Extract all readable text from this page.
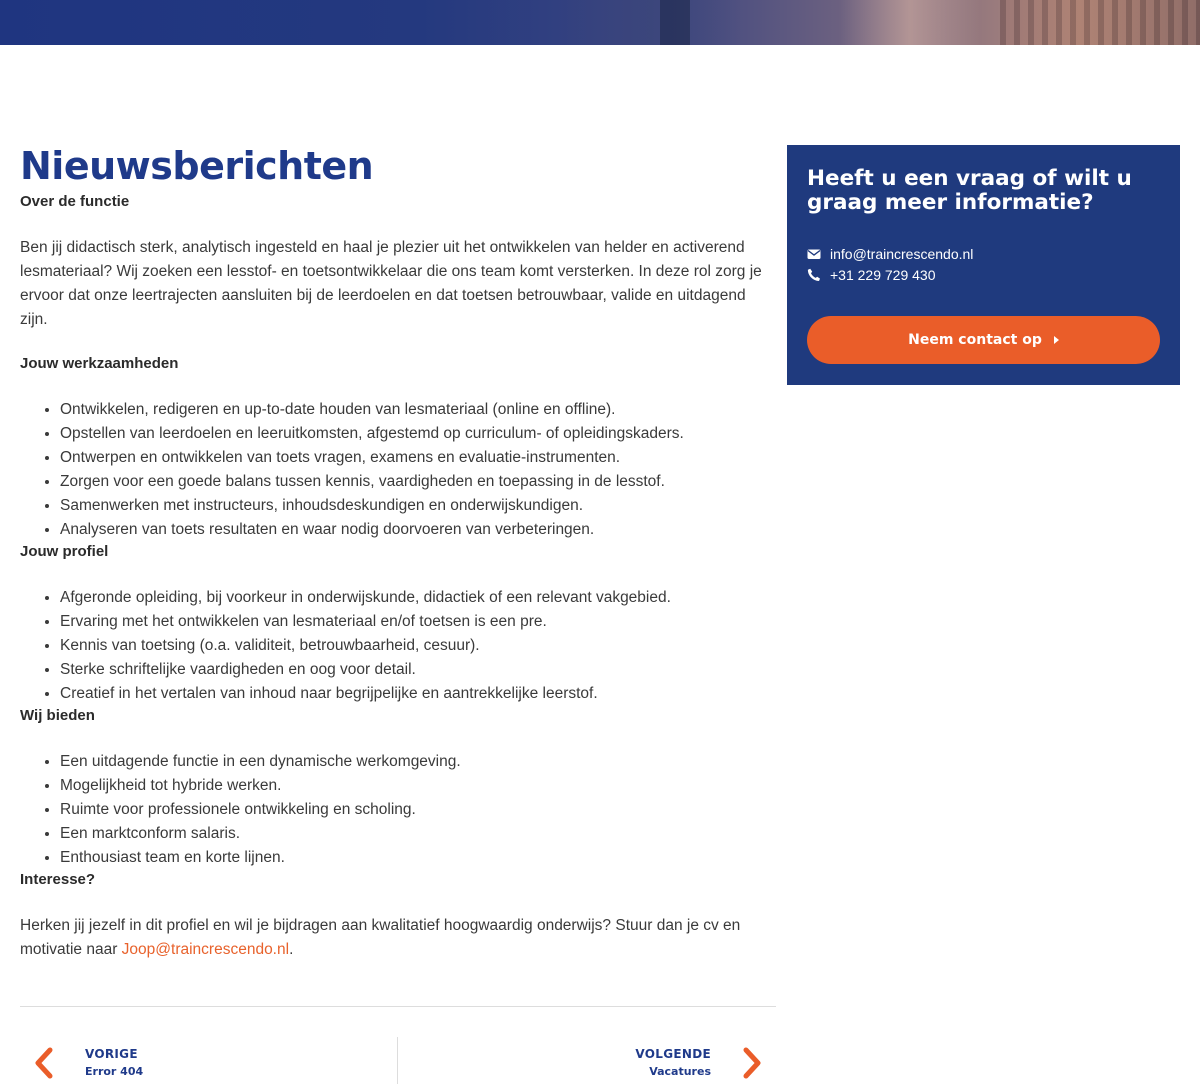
Nieuwsberichten

Over de functie

Ben jij didactisch sterk, analytisch ingesteld en haal je plezier uit het ontwikkelen van helder en activerend lesmateriaal? Wij zoeken een lesstof- en toetsontwikkelaar die ons team komt versterken. In deze rol zorg je ervoor dat onze leertrajecten aansluiten bij de leerdoelen en dat toetsen betrouwbaar, valide en uitdagend zijn.

Jouw werkzaamheden

• Ontwikkelen, redigeren en up-to-date houden van lesmateriaal (online en offline).
• Opstellen van leerdoelen en leeruitkomsten, afgestemd op curriculum- of opleidingskaders.
• Ontwerpen en ontwikkelen van toets vragen, examens en evaluatie-instrumenten.
• Zorgen voor een goede balans tussen kennis, vaardigheden en toepassing in de lesstof.
• Samenwerken met instructeurs, inhoudsdeskundigen en onderwijskundigen.
• Analyseren van toets resultaten en waar nodig doorvoeren van verbeteringen.

Jouw profiel

• Afgeronde opleiding, bij voorkeur in onderwijskunde, didactiek of een relevant vakgebied.
• Ervaring met het ontwikkelen van lesmateriaal en/of toetsen is een pre.
• Kennis van toetsing (o.a. validiteit, betrouwbaarheid, cesuur).
• Sterke schriftelijke vaardigheden en oog voor detail.
• Creatief in het vertalen van inhoud naar begrijpelijke en aantrekkelijke leerstof.

Wij bieden

• Een uitdagende functie in een dynamische werkomgeving.
• Mogelijkheid tot hybride werken.
• Ruimte voor professionele ontwikkeling en scholing.
• Een marktconform salaris.
• Enthousiast team en korte lijnen.

Interesse?

Herken jij jezelf in dit profiel en wil je bijdragen aan kwalitatief hoogwaardig onderwijs? Stuur dan je cv en motivatie naar Joop@traincrescendo.nl.

VORIGE
Error 404
VOLGENDE
Vacatures
Heeft u een vraag of wilt u graag meer informatie?
info@traincrescendo.nl
+31 229 729 430
Neem contact op
